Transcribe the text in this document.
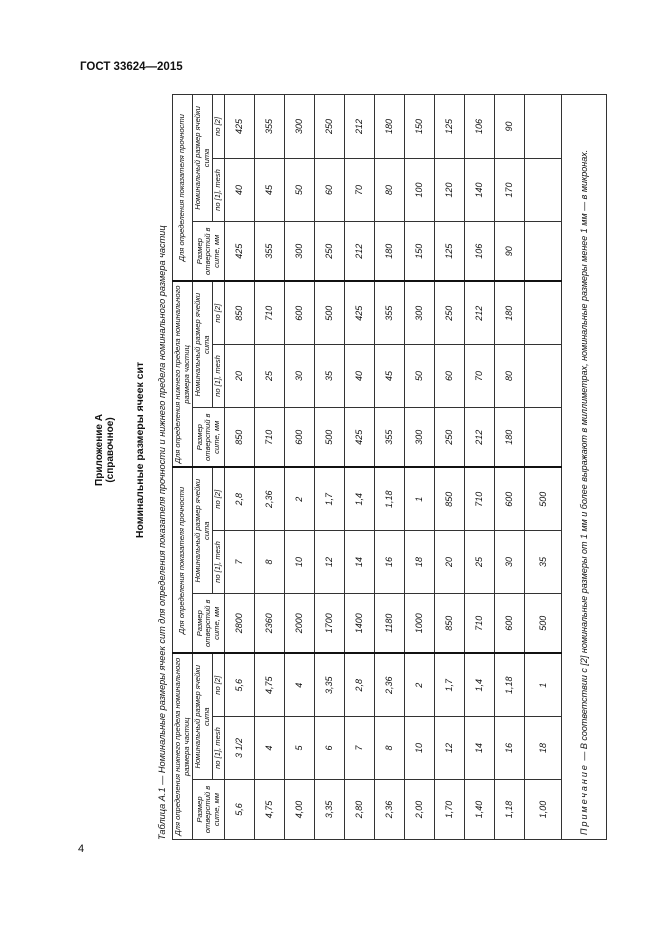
ГОСТ 33624—2015
4
Приложение А (справочное) Номинальные размеры ячеек сит Таблица А.1 — Номинальные размеры ячеек сит для определения показателя прочности и нижнего предела номинального размера частиц Для определения нижнего предела номинального размера частиц			Для определения показателя прочности			Для определения нижнего предела номинального размера частиц			Для определения показателя прочности		
Размер отверстий в сите, мм	Номинальный размер ячейки сита		Размер отверстий в сите, мм	Номинальный размер ячейки сита		Размер отверстий в сите, мм	Номинальный размер ячейки сита		Размер отверстий в сите, мм	Номинальный размер ячейки сита	
	по [1], mesh	по [2]		по [1], mesh	по [2]		по [1], mesh	по [2]		по [1], mesh	по [2]
5,6	3 1/2	5,6	2800	7	2,8	850	20	850	425	40	425
4,75	4	4,75	2360	8	2,36	710	25	710	355	45	355
4,00	5	4	2000	10	2	600	30	600	300	50	300
3,35	6	3,35	1700	12	1,7	500	35	500	250	60	250
2,80	7	2,8	1400	14	1,4	425	40	425	212	70	212
2,36	8	2,36	1180	16	1,18	355	45	355	180	80	180
2,00	10	2	1000	18	1	300	50	300	150	100	150
1,70	12	1,7	850	20	850	250	60	250	125	120	125
1,40	14	1,4	710	25	710	212	70	212	106	140	106
1,18	16	1,18	600	30	600	180	80	180	90	170	90
1,00	18	1	500	35	500						
Примечание — В соответствии с [2] номинальные размеры от 1 мм и более выражают в миллиметрах, номинальные размеры менее 1 мм — в микронах.											
